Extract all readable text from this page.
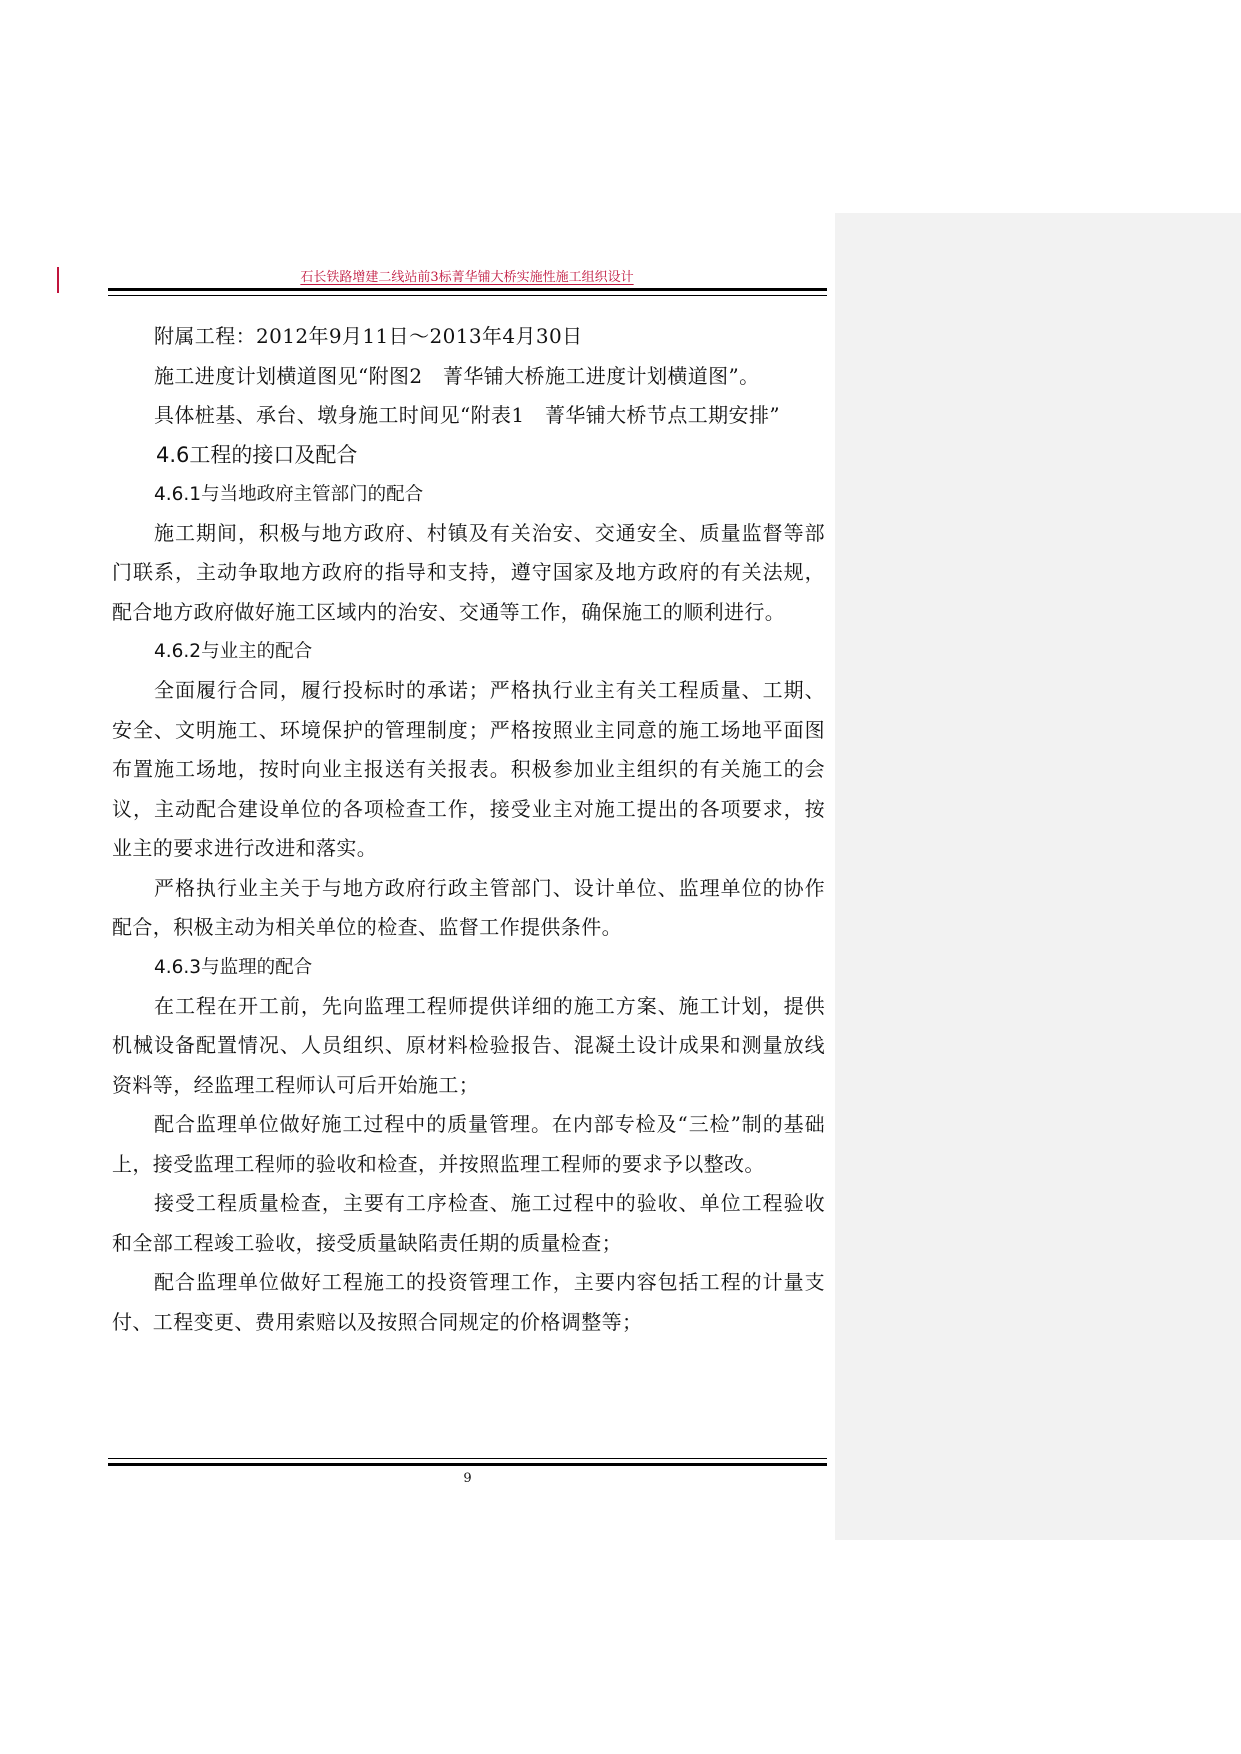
石长铁路增建二线站前3标菁华铺大桥实施性施工组织设计

附属工程：2012年9月11日～2013年4月30日

施工进度计划横道图见“附图2　菁华铺大桥施工进度计划横道图”。

具体桩基、承台、墩身施工时间见“附表1　菁华铺大桥节点工期安排”

4.6工程的接口及配合
4.6.1与当地政府主管部门的配合

施工期间，积极与地方政府、村镇及有关治安、交通安全、质量监督等部门联系，主动争取地方政府的指导和支持，遵守国家及地方政府的有关法规，配合地方政府做好施工区域内的治安、交通等工作，确保施工的顺利进行。

4.6.2与业主的配合

全面履行合同，履行投标时的承诺；严格执行业主有关工程质量、工期、安全、文明施工、环境保护的管理制度；严格按照业主同意的施工场地平面图布置施工场地，按时向业主报送有关报表。积极参加业主组织的有关施工的会议，主动配合建设单位的各项检查工作，接受业主对施工提出的各项要求，按业主的要求进行改进和落实。

严格执行业主关于与地方政府行政主管部门、设计单位、监理单位的协作配合，积极主动为相关单位的检查、监督工作提供条件。

4.6.3与监理的配合

在工程在开工前，先向监理工程师提供详细的施工方案、施工计划，提供机械设备配置情况、人员组织、原材料检验报告、混凝土设计成果和测量放线资料等，经监理工程师认可后开始施工；

配合监理单位做好施工过程中的质量管理。在内部专检及“三检”制的基础上，接受监理工程师的验收和检查，并按照监理工程师的要求予以整改。

接受工程质量检查，主要有工序检查、施工过程中的验收、单位工程验收和全部工程竣工验收，接受质量缺陷责任期的质量检查；

配合监理单位做好工程施工的投资管理工作，主要内容包括工程的计量支付、工程变更、费用索赔以及按照合同规定的价格调整等；

9
